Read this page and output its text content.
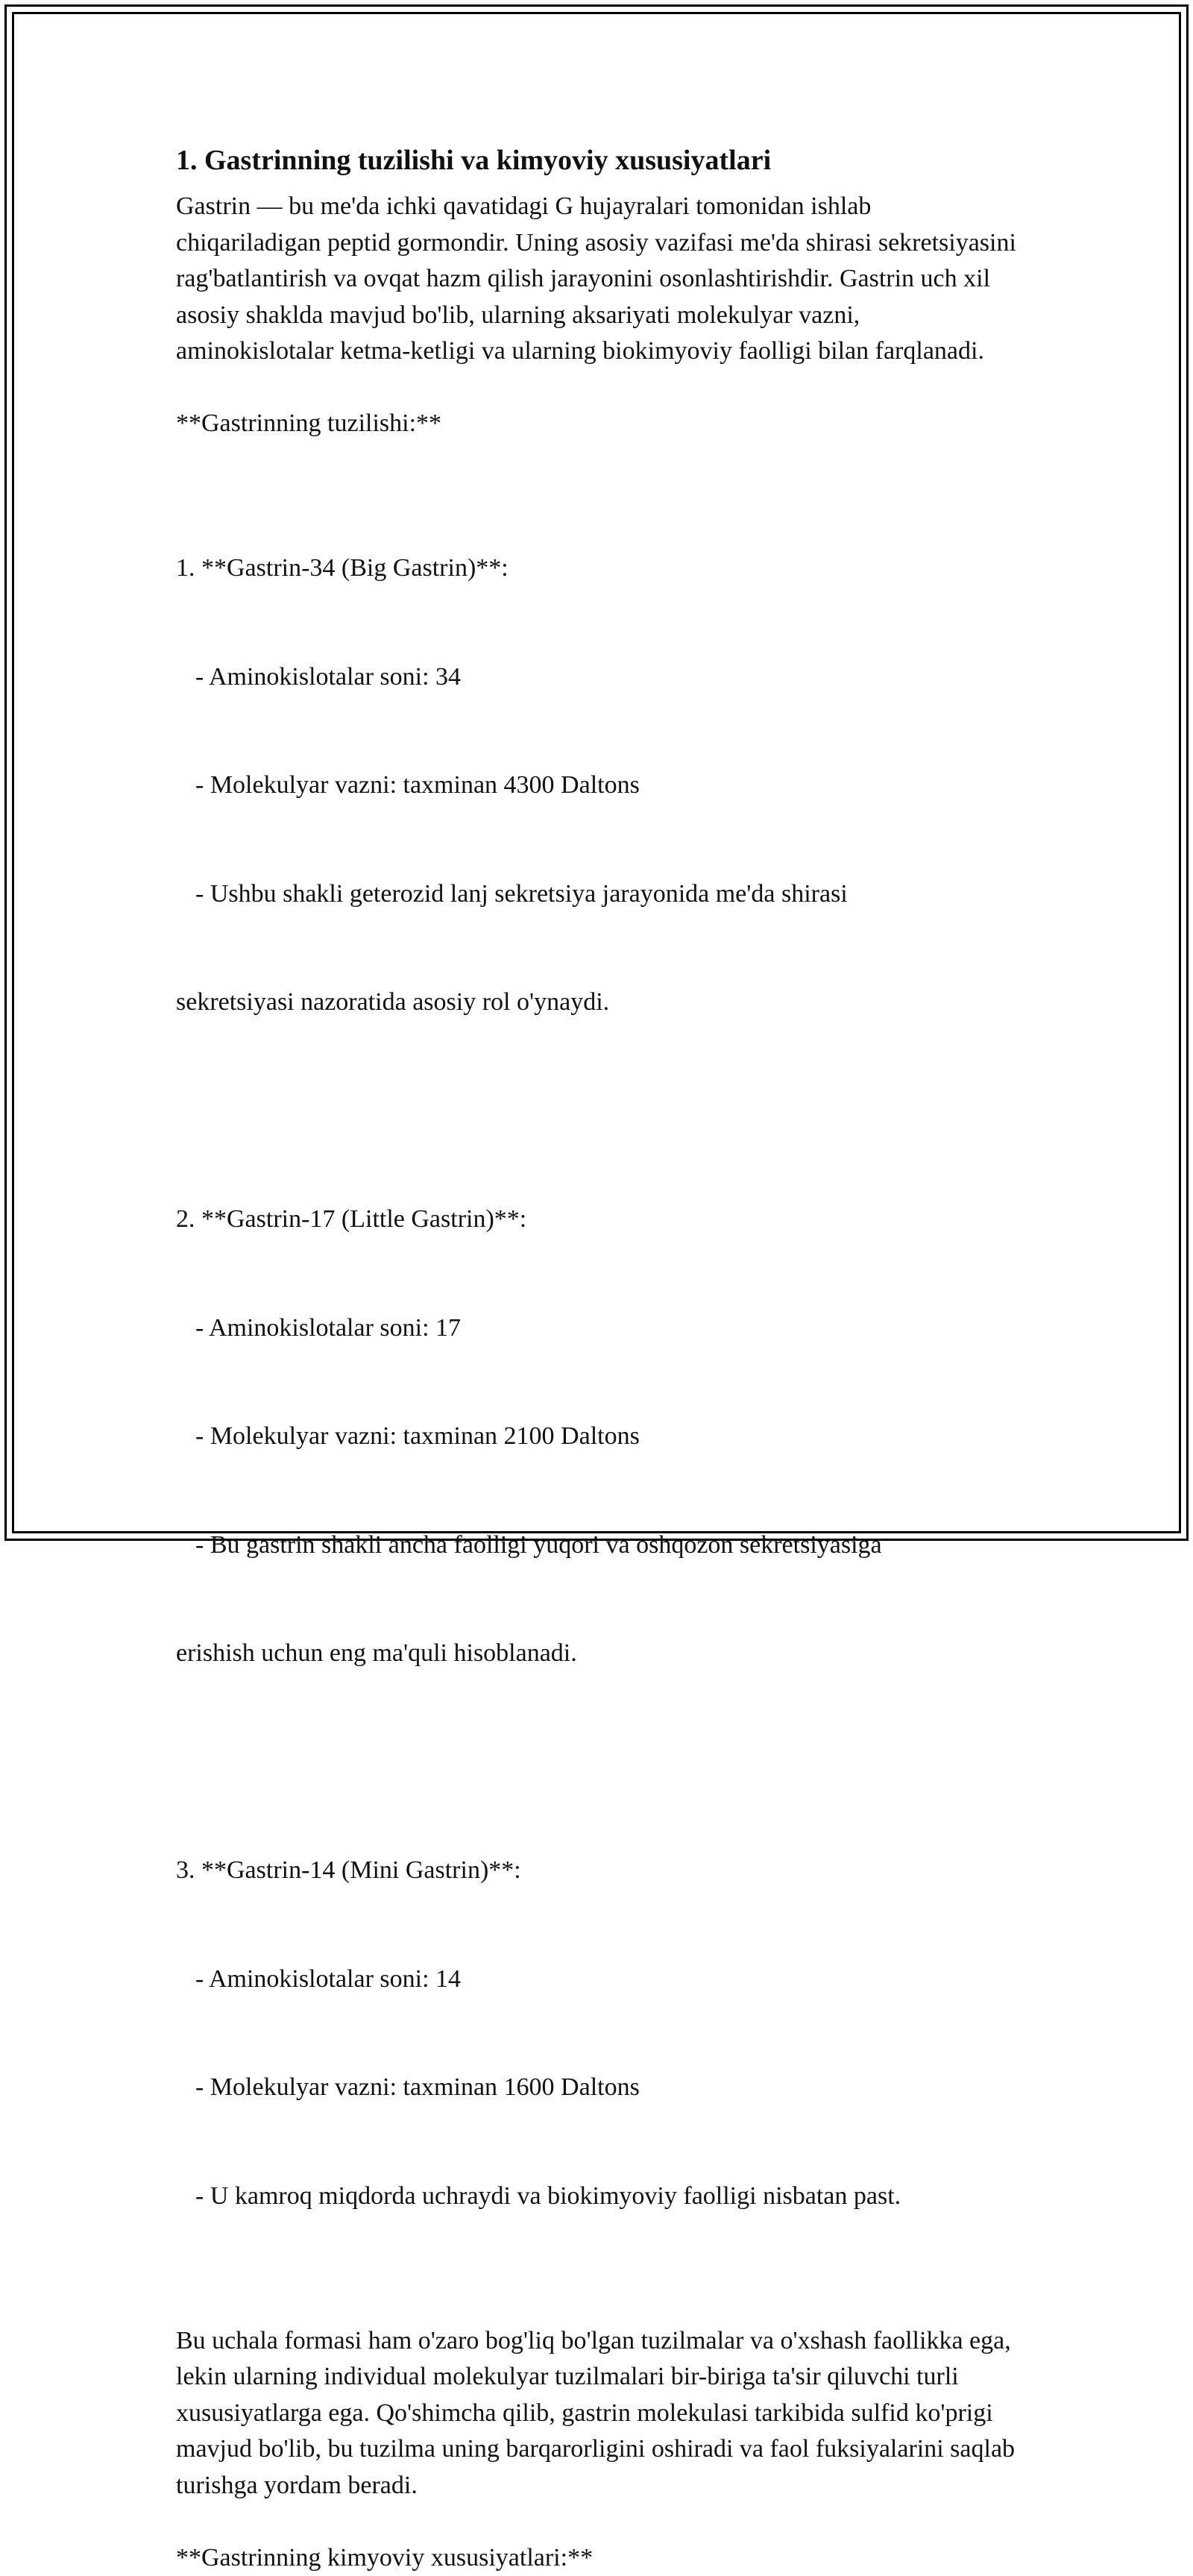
1. Gastrinning tuzilishi va kimyoviy xususiyatlari

Gastrin — bu me'da ichki qavatidagi G hujayralari tomonidan ishlab chiqariladigan peptid gormondir. Uning asosiy vazifasi me'da shirasi sekretsiyasini rag'batlantirish va ovqat hazm qilish jarayonini osonlashtirishdir. Gastrin uch xil asosiy shaklda mavjud bo'lib, ularning aksariyati molekulyar vazni, aminokislotalar ketma-ketligi va ularning biokimyoviy faolligi bilan farqlanadi.

**Gastrinning tuzilishi:**

1. **Gastrin-34 (Big Gastrin)**:

- Aminokislotalar soni: 34

- Molekulyar vazni: taxminan 4300 Daltons

- Ushbu shakli geterozid lanj sekretsiya jarayonida me'da shirasi

sekretsiyasi nazoratida asosiy rol o'ynaydi.

2. **Gastrin-17 (Little Gastrin)**:

- Aminokislotalar soni: 17

- Molekulyar vazni: taxminan 2100 Daltons

- Bu gastrin shakli ancha faolligi yuqori va oshqozon sekretsiyasiga

erishish uchun eng ma'quli hisoblanadi.

3. **Gastrin-14 (Mini Gastrin)**:

- Aminokislotalar soni: 14

- Molekulyar vazni: taxminan 1600 Daltons

- U kamroq miqdorda uchraydi va biokimyoviy faolligi nisbatan past.

Bu uchala formasi ham o'zaro bog'liq bo'lgan tuzilmalar va o'xshash faollikka ega, lekin ularning individual molekulyar tuzilmalari bir-biriga ta'sir qiluvchi turli xususiyatlarga ega. Qo'shimcha qilib, gastrin molekulasi tarkibida sulfid ko'prigi mavjud bo'lib, bu tuzilma uning barqarorligini oshiradi va faol fuksiyalarini saqlab turishga yordam beradi.

**Gastrinning kimyoviy xususiyatlari:**
